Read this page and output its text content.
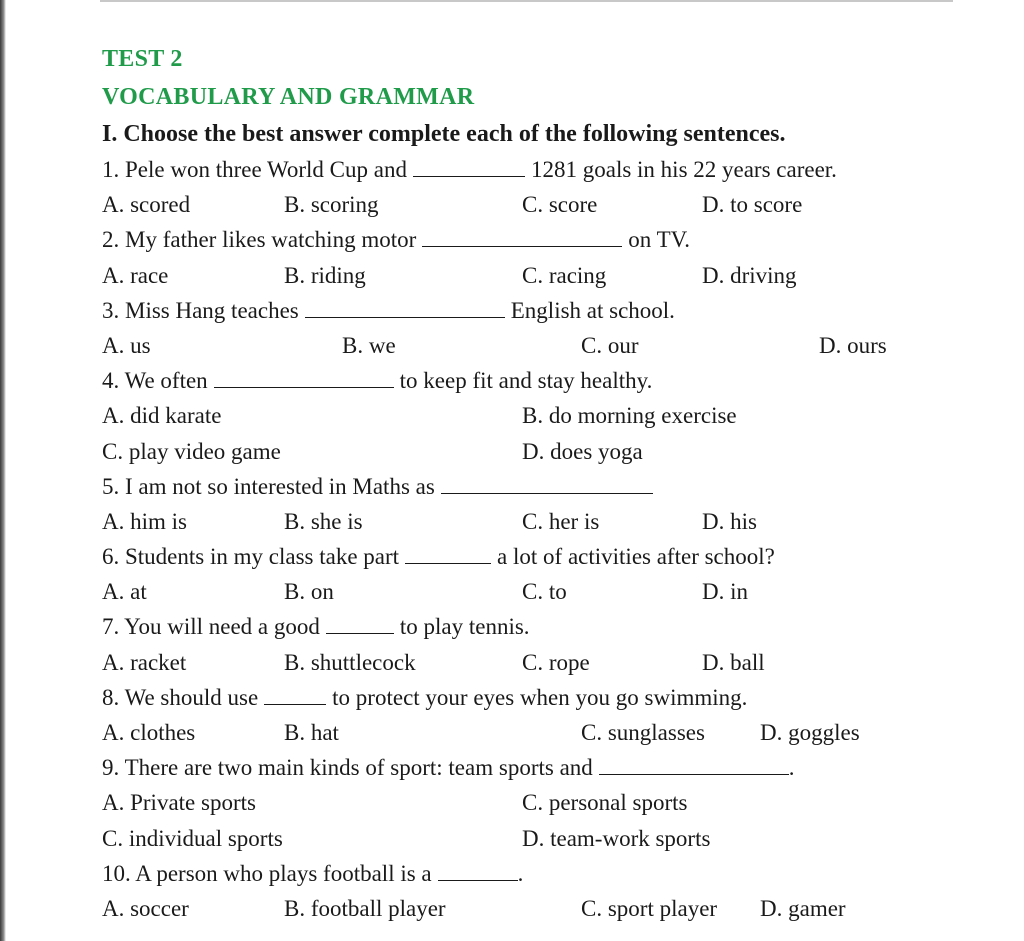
TEST 2
VOCABULARY AND GRAMMAR
I. Choose the best answer complete each of the following sentences.
1. Pele won three World Cup and	1281 goals in his 22 years career.
A. scored	B. scoring	C. score	D. to score
2. My father likes watching motor	on TV.
A. race	B. riding	C. racing	D. driving
3. Miss Hang teaches	English at school.
A. us	B. we	C. our	D. ours
4. We often	to keep fit and stay healthy.
A. did karate	B. do morning exercise
C. play video game	D. does yoga
5. I am not so interested in Maths as
A. him is	B. she is	C. her is	D. his
6. Students in my class take part	a lot of activities after school?
A. at	B. on	C. to	D. in
7. You will need a good	to play tennis.
A. racket	B. shuttlecock	C. rope	D. ball
8. We should use	to protect your eyes when you go swimming.
A. clothes	B. hat	C. sunglasses D. goggles
9. There are two main kinds of sport: team sports and	.
A. Private sports	C. personal sports
C. individual sports	D. team-work sports
10. A person who plays football is a	.
A. soccer	B. football player	C. sport player D. gamer
